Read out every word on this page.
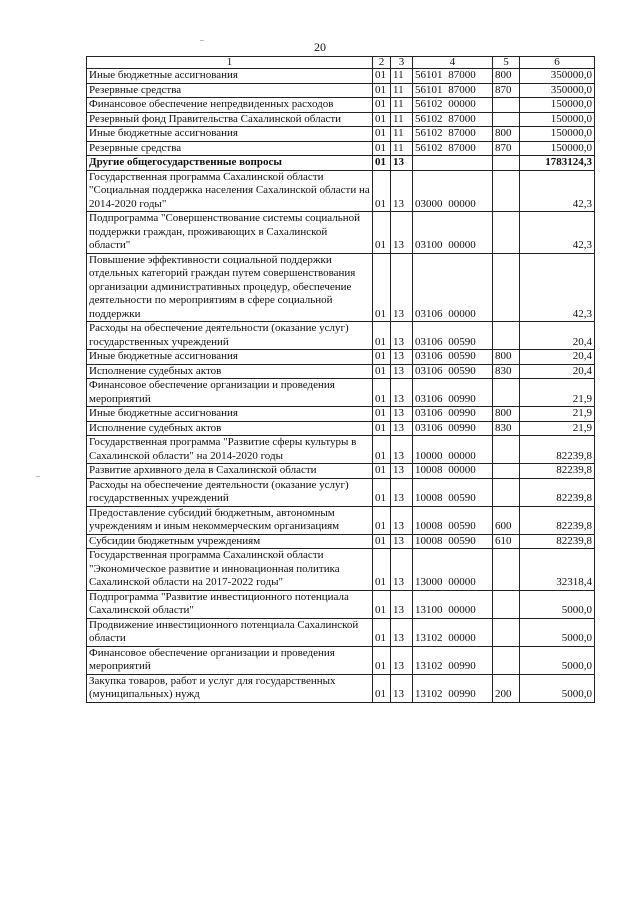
20
1	2	3	4	5	6
Иные бюджетные ассигнования	01	11	56101 87000	800	350000,0
Резервные средства	01	11	56101 87000	870	350000,0
Финансовое обеспечение непредвиденных расходов	01	11	56102 00000		150000,0
Резервный фонд Правительства Сахалинской области	01	11	56102 87000		150000,0
Иные бюджетные ассигнования	01	11	56102 87000	800	150000,0
Резервные средства	01	11	56102 87000	870	150000,0
Другие общегосударственные вопросы	01	13			1783124,3
Государственная программа Сахалинской области "Социальная поддержка населения Сахалинской области на 2014-2020 годы"	01	13	03000 00000		42,3
Подпрограмма "Совершенствование системы социальной поддержки граждан, проживающих в Сахалинской области"	01	13	03100 00000		42,3
Повышение эффективности социальной поддержки отдельных категорий граждан путем совершенствования организации административных процедур, обеспечение деятельности по мероприятиям в сфере социальной поддержки	01	13	03106 00000		42,3
Расходы на обеспечение деятельности (оказание услуг) государственных учреждений	01	13	03106 00590		20,4
Иные бюджетные ассигнования	01	13	03106 00590	800	20,4
Исполнение судебных актов	01	13	03106 00590	830	20,4
Финансовое обеспечение организации и проведения мероприятий	01	13	03106 00990		21,9
Иные бюджетные ассигнования	01	13	03106 00990	800	21,9
Исполнение судебных актов	01	13	03106 00990	830	21,9
Государственная программа "Развитие сферы культуры в Сахалинской области" на 2014-2020 годы	01	13	10000 00000		82239,8
Развитие архивного дела в Сахалинской области	01	13	10008 00000		82239,8
Расходы на обеспечение деятельности (оказание услуг) государственных учреждений	01	13	10008 00590		82239,8
Предоставление субсидий бюджетным, автономным учреждениям и иным некоммерческим организациям	01	13	10008 00590	600	82239,8
Субсидии бюджетным учреждениям	01	13	10008 00590	610	82239,8
Государственная программа Сахалинской области "Экономическое развитие и инновационная политика Сахалинской области на 2017-2022 годы"	01	13	13000 00000		32318,4
Подпрограмма "Развитие инвестиционного потенциала Сахалинской области"	01	13	13100 00000		5000,0
Продвижение инвестиционного потенциала Сахалинской области	01	13	13102 00000		5000,0
Финансовое обеспечение организации и проведения мероприятий	01	13	13102 00990		5000,0
Закупка товаров, работ и услуг для государственных (муниципальных) нужд	01	13	13102 00990	200	5000,0
